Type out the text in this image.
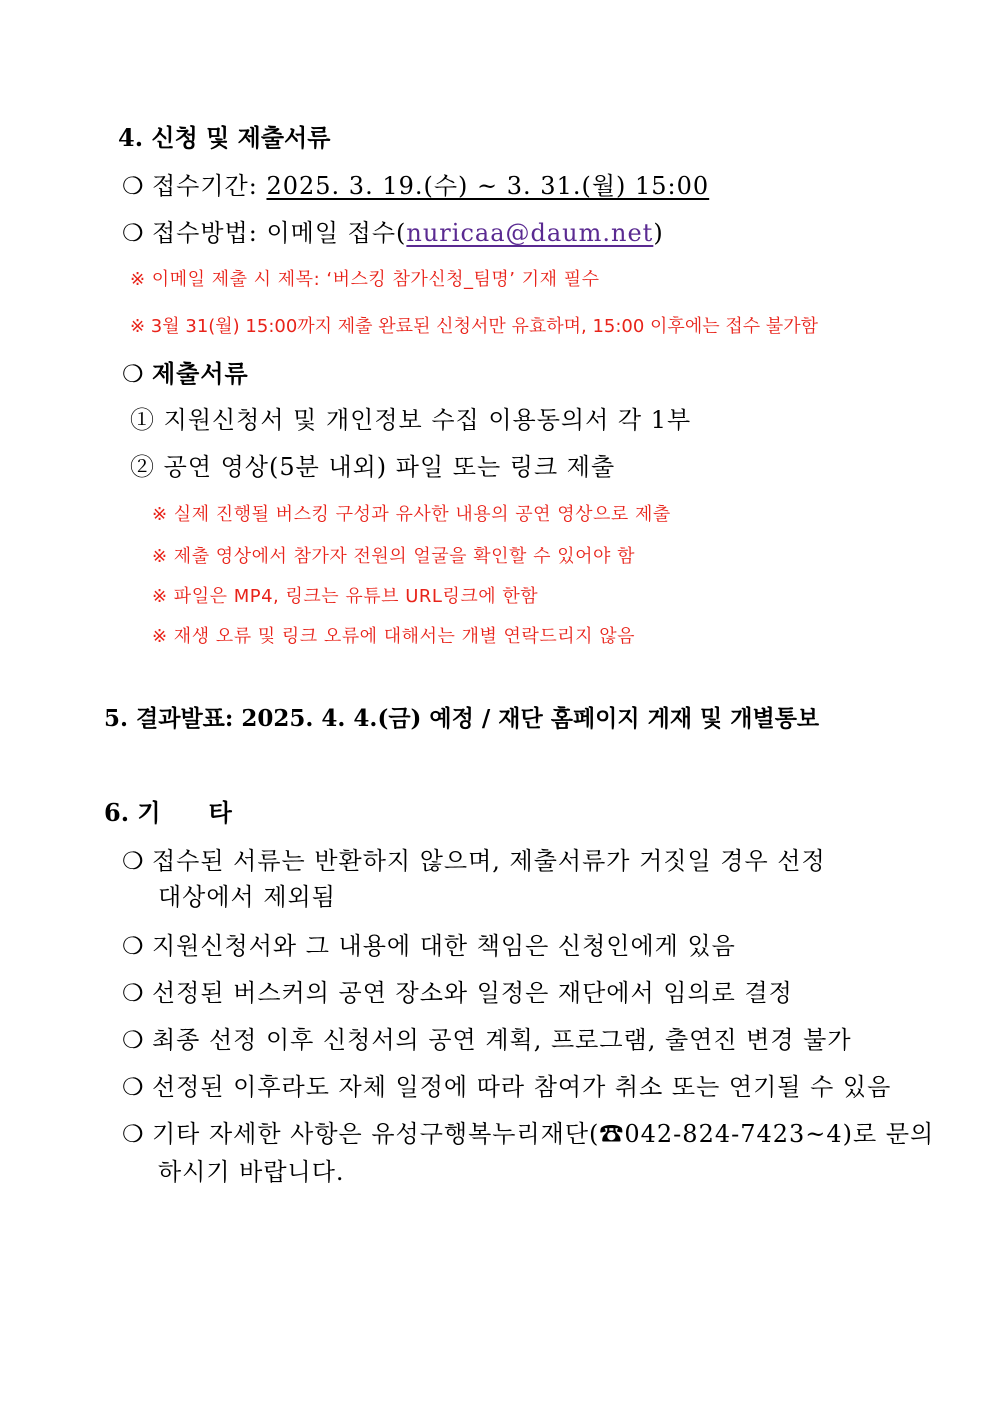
4. 신청 및 제출서류
❍ 접수기간: 2025. 3. 19.(수) ~ 3. 31.(월) 15:00
❍ 접수방법: 이메일 접수(nuricaa@daum.net)
※ 이메일 제출 시 제목: ‘버스킹 참가신청_팀명’ 기재 필수
※ 3월 31(월) 15:00까지 제출 완료된 신청서만 유효하며, 15:00 이후에는 접수 불가함
❍ 제출서류
① 지원신청서 및 개인정보 수집 이용동의서 각 1부
② 공연 영상(5분 내외) 파일 또는 링크 제출
※ 실제 진행될 버스킹 구성과 유사한 내용의 공연 영상으로 제출
※ 제출 영상에서 참가자 전원의 얼굴을 확인할 수 있어야 함
※ 파일은 MP4, 링크는 유튜브 URL링크에 한함
※ 재생 오류 및 링크 오류에 대해서는 개별 연락드리지 않음
5. 결과발표: 2025. 4. 4.(금) 예정 / 재단 홈페이지 게재 및 개별통보
6. 기　　타
❍ 접수된 서류는 반환하지 않으며, 제출서류가 거짓일 경우 선정
대상에서 제외됨
❍ 지원신청서와 그 내용에 대한 책임은 신청인에게 있음
❍ 선정된 버스커의 공연 장소와 일정은 재단에서 임의로 결정
❍ 최종 선정 이후 신청서의 공연 계획, 프로그램, 출연진 변경 불가
❍ 선정된 이후라도 자체 일정에 따라 참여가 취소 또는 연기될 수 있음
❍ 기타 자세한 사항은 유성구행복누리재단(☎042-824-7423~4)로 문의
하시기 바랍니다.
